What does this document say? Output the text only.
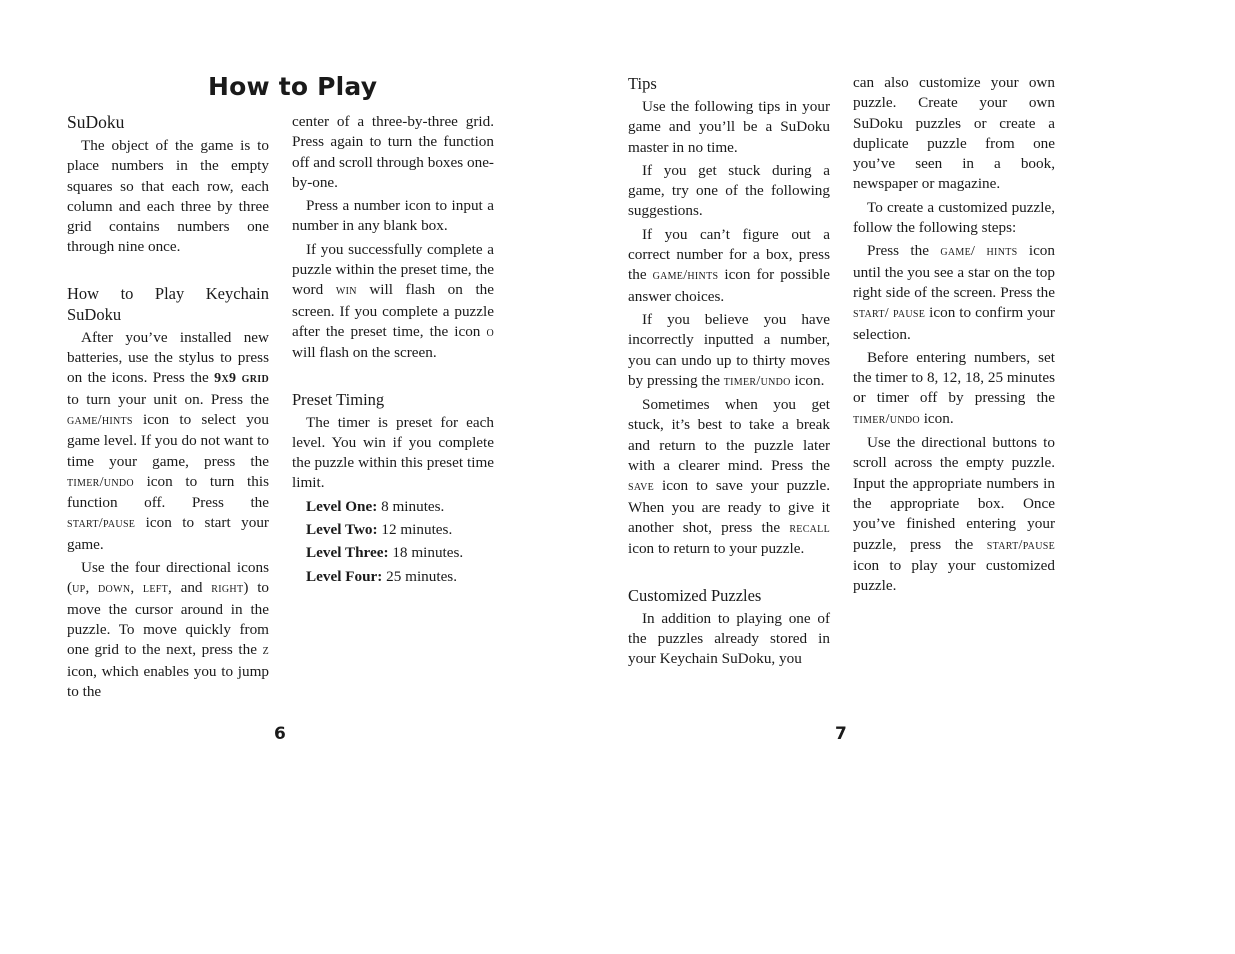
How to Play
SuDoku

The object of the game is to place numbers in the empty squares so that each row, each column and each three by three grid contains numbers one through nine once.

How to Play Keychain SuDoku

After you’ve installed new batteries, use the stylus to press on the icons. Press the 9x9 grid to turn your unit on. Press the game/hints icon to select you game level. If you do not want to time your game, press the timer/undo icon to turn this function off. Press the start/pause icon to start your game.

Use the four directional icons (up, down, left, and right) to move the cursor around in the puzzle. To move quickly from one grid to the next, press the z icon, which enables you to jump to the

center of a three-by-three grid. Press again to turn the function off and scroll through boxes one-by-one.

Press a number icon to input a number in any blank box.

If you successfully complete a puzzle within the preset time, the word win will flash on the screen. If you complete a puzzle after the preset time, the icon o will flash on the screen.

Preset Timing

The timer is preset for each level. You win if you complete the puzzle within this preset time limit.

Level One: 8 minutes.

Level Two: 12 minutes.

Level Three: 18 minutes.

Level Four: 25 minutes.

6
Tips

Use the following tips in your game and you’ll be a SuDoku master in no time.

If you get stuck during a game, try one of the following suggestions.

If you can’t figure out a correct number for a box, press the game/hints icon for possible answer choices.

If you believe you have incorrectly inputted a number, you can undo up to thirty moves by pressing the timer/undo icon.

Sometimes when you get stuck, it’s best to take a break and return to the puzzle later with a clearer mind. Press the save icon to save your puzzle. When you are ready to give it another shot, press the recall icon to return to your puzzle.

Customized Puzzles

In addition to playing one of the puzzles already stored in your Keychain SuDoku, you

can also customize your own puzzle. Create your own SuDoku puzzles or create a duplicate puzzle from one you’ve seen in a book, newspaper or magazine.

To create a customized puzzle, follow the following steps:

Press the game/ hints icon until the you see a star on the top right side of the screen. Press the start/ pause icon to confirm your selection.

Before entering numbers, set the timer to 8, 12, 18, 25 minutes or timer off by pressing the timer/undo icon.

Use the directional buttons to scroll across the empty puzzle. Input the appropriate numbers in the appropriate box. Once you’ve finished entering your puzzle, press the start/pause icon to play your customized puzzle.

7
